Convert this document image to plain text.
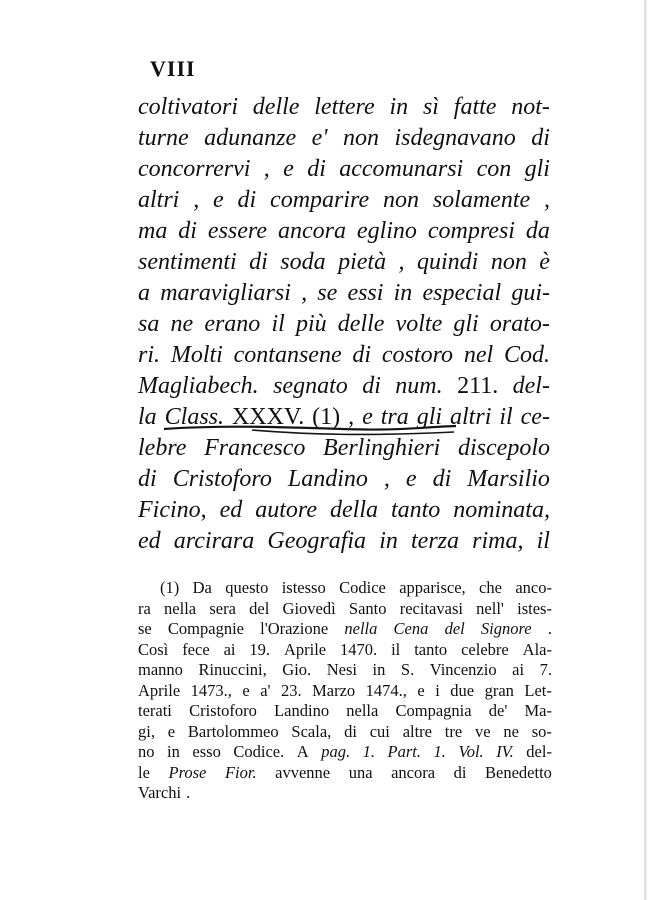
VIII
coltivatori delle lettere in sì fatte not-
turne adunanze e' non isdegnavano di
concorrervi , e di accomunarsi con gli
altri , e di comparire non solamente ,
ma di essere ancora eglino compresi da
sentimenti di soda pietà , quindi non è
a maravigliarsi , se essi in especial gui-
sa ne erano il più delle volte gli orato-
ri. Molti contansene di costoro nel Cod.
Magliabech. segnato di num. 211. del-
la Class. XXXV. (1) , e tra gli altri il ce-
lebre Francesco Berlinghieri discepolo
di Cristoforo Landino , e di Marsilio
Ficino, ed autore della tanto nominata,
ed arcirara Geografia in terza rima, il
(1) Da questo istesso Codice apparisce, che anco-
ra nella sera del Giovedì Santo recitavasi nell' istes-
se Compagnie l'Orazione nella Cena del Signore .
Così fece ai 19. Aprile 1470. il tanto celebre Ala-
manno Rinuccini, Gio. Nesi in S. Vincenzio ai 7.
Aprile 1473., e a' 23. Marzo 1474., e i due gran Let-
terati Cristoforo Landino nella Compagnia de' Ma-
gi, e Bartolommeo Scala, di cui altre tre ve ne so-
no in esso Codice. A pag. 1. Part. 1. Vol. IV. del-
le Prose Fior. avvenne una ancora di Benedetto
Varchi .
